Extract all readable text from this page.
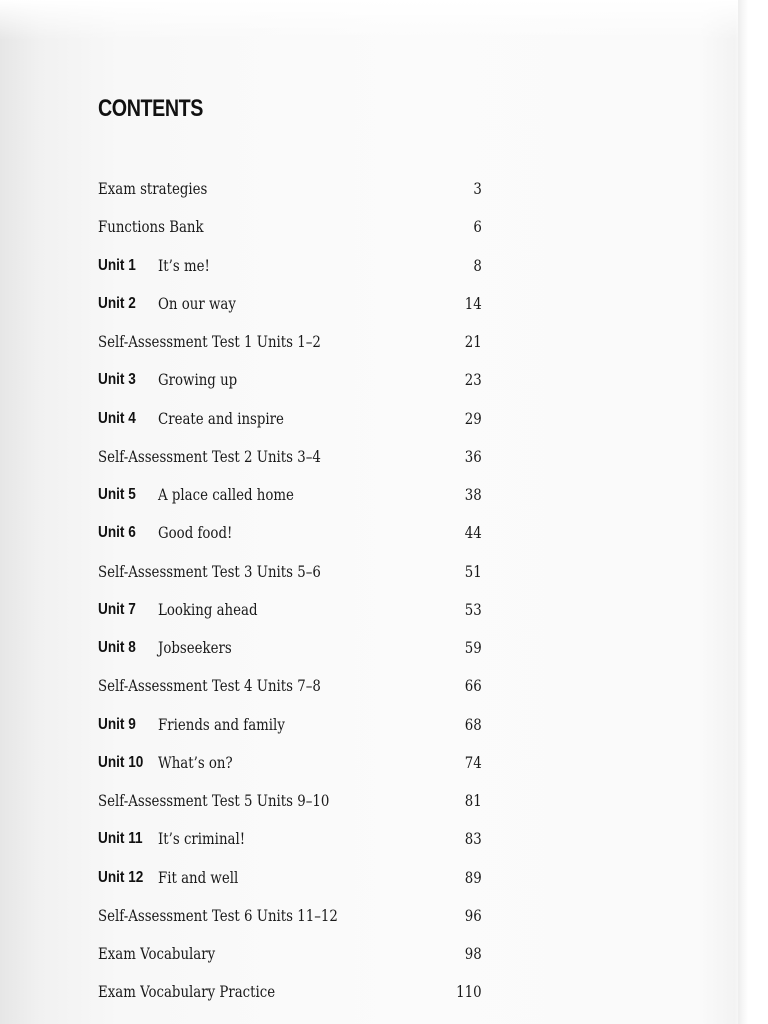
CONTENTS
Exam strategies	3
Functions Bank	6
Unit 1 It’s me!	8
Unit 2 On our way	14
Self-Assessment Test 1 Units 1–2	21
Unit 3 Growing up	23
Unit 4 Create and inspire	29
Self-Assessment Test 2 Units 3–4	36
Unit 5 A place called home	38
Unit 6 Good food!	44
Self-Assessment Test 3 Units 5–6	51
Unit 7 Looking ahead	53
Unit 8 Jobseekers	59
Self-Assessment Test 4 Units 7–8	66
Unit 9 Friends and family	68
Unit 10 What’s on?	74
Self-Assessment Test 5 Units 9–10	81
Unit 11 It’s criminal!	83
Unit 12 Fit and well	89
Self-Assessment Test 6 Units 11–12	96
Exam Vocabulary	98
Exam Vocabulary Practice	110
